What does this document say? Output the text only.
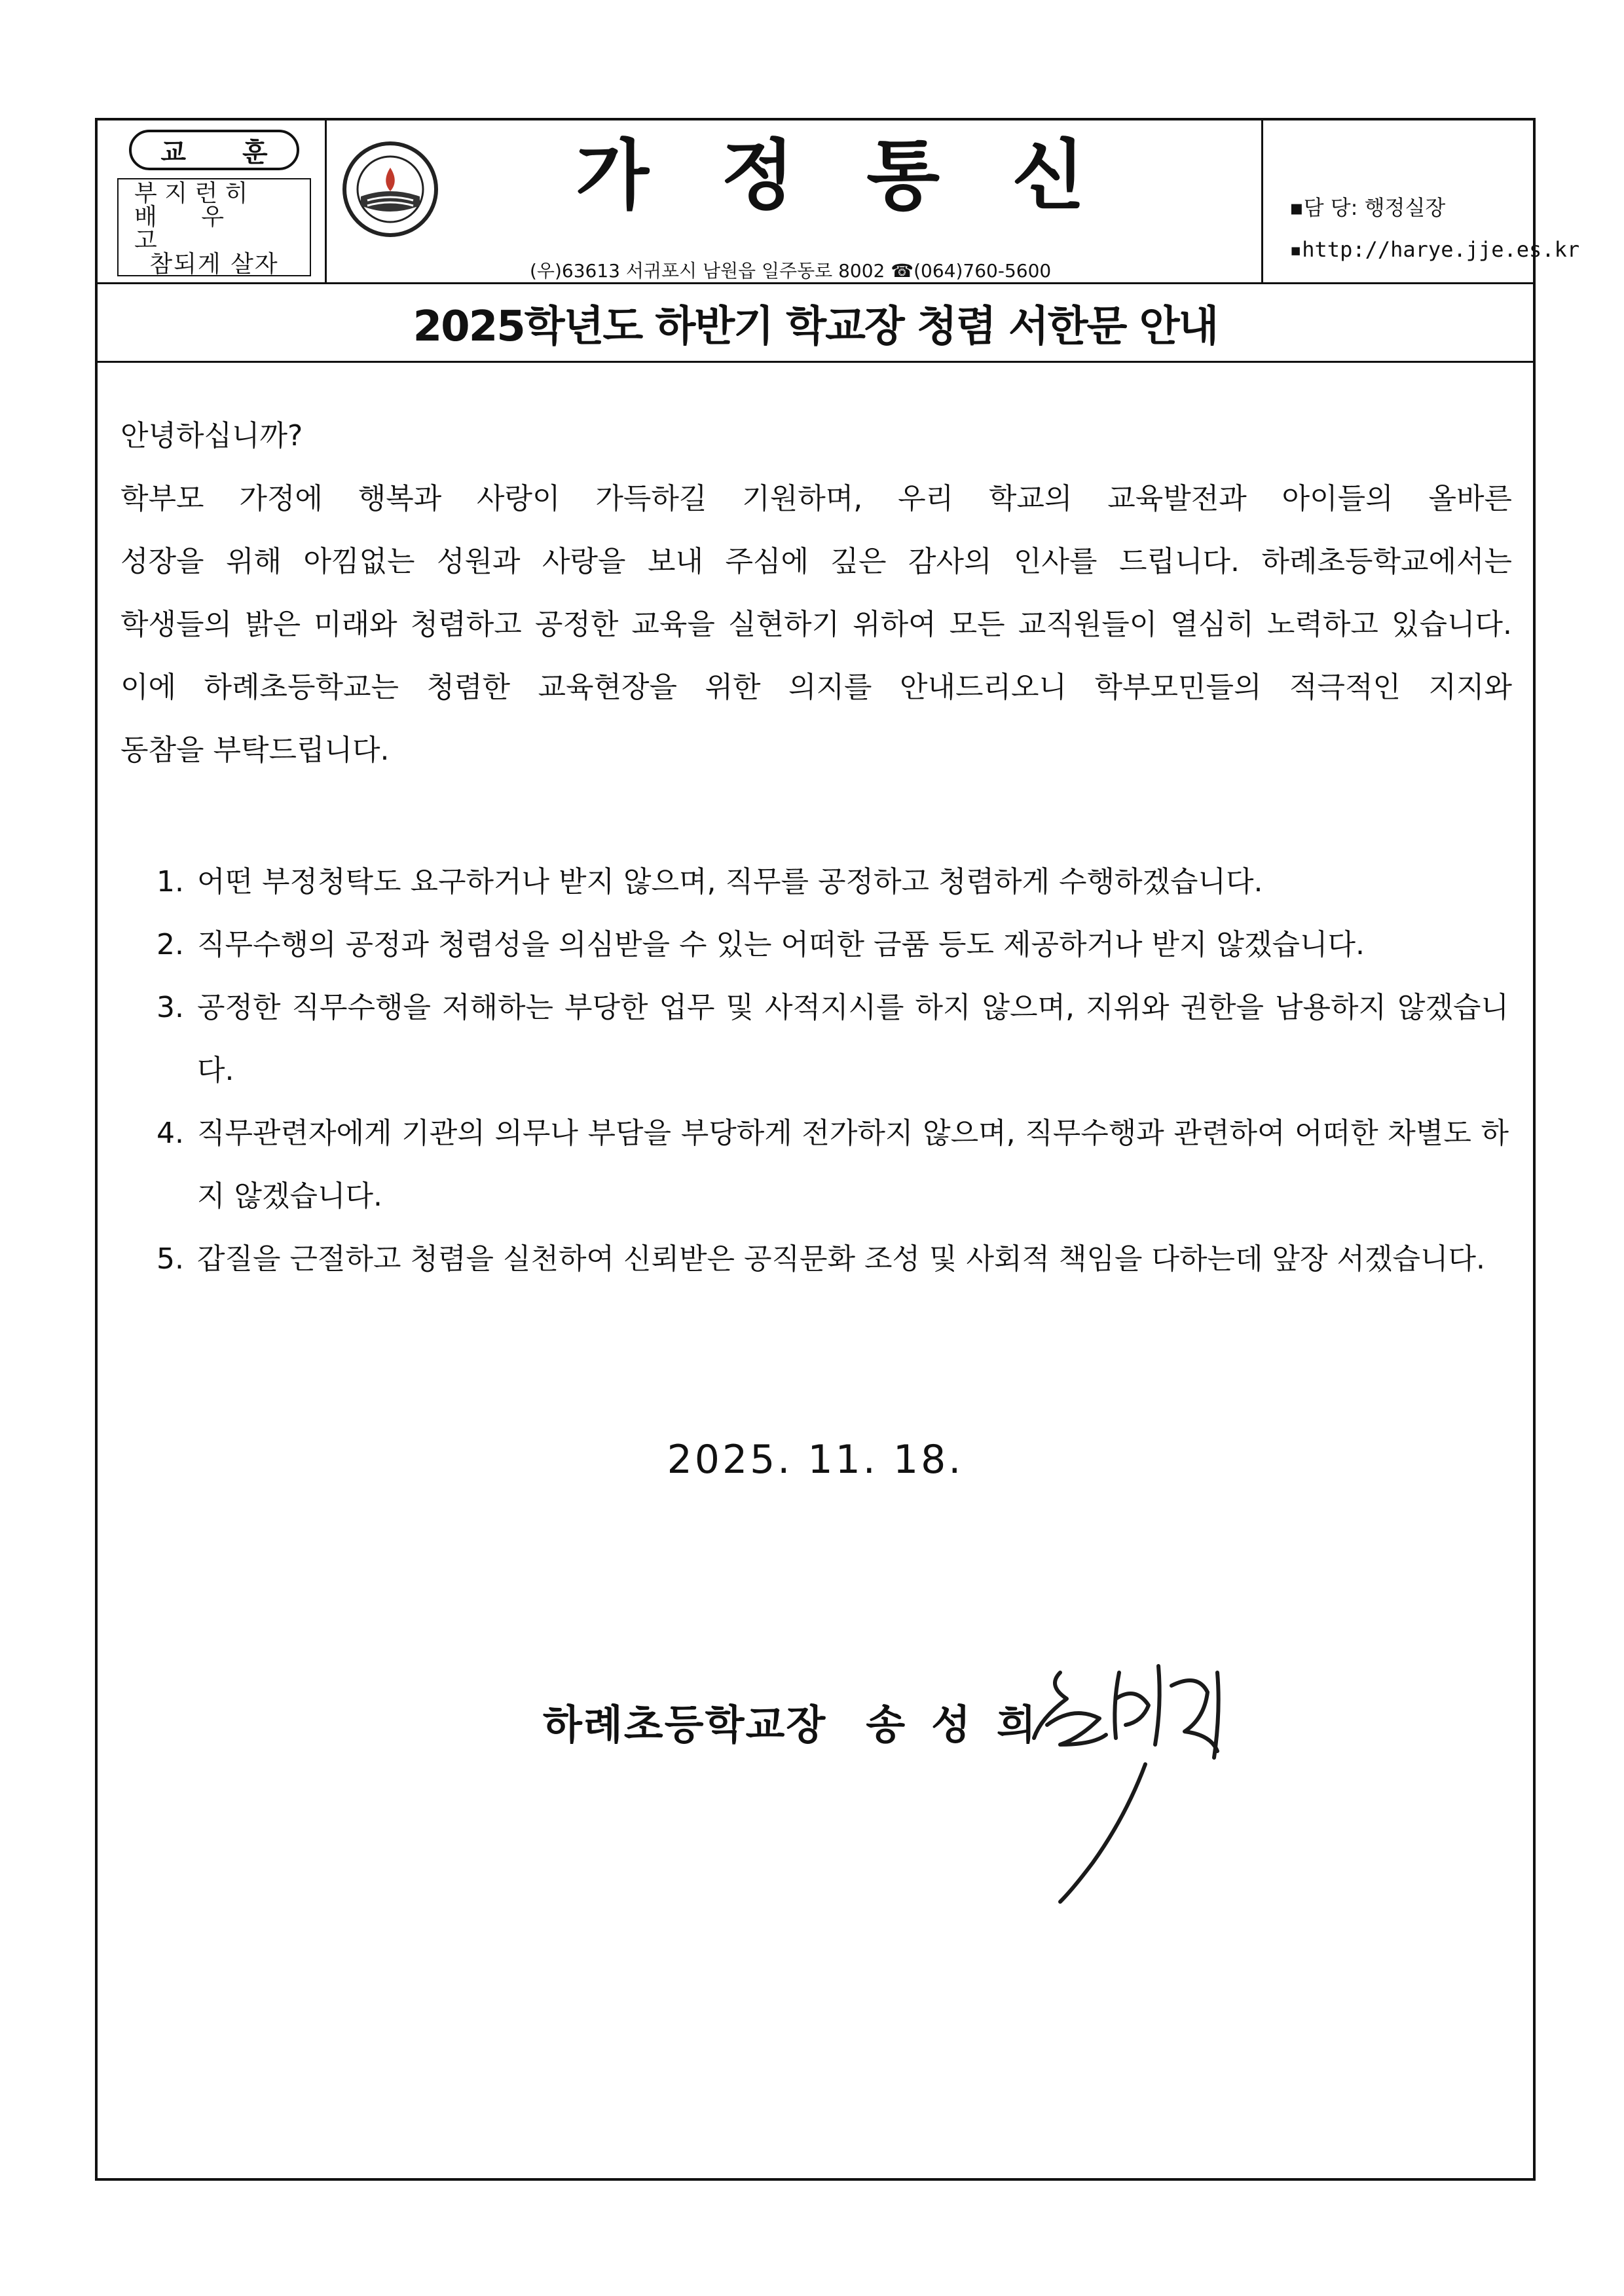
교 훈
부 지 런 히
배 우 고
참되게 살자
가정통신
(우)63613 서귀포시 남원읍 일주동로 8002 ☎(064)760-5600
▪담 당: 행정실장
▪http://harye.jje.es.kr
2025학년도 하반기 학교장 청렴 서한문 안내
안녕하십니까?
학부모 가정에 행복과 사랑이 가득하길 기원하며, 우리 학교의 교육발전과 아이들의 올바른
성장을 위해 아낌없는 성원과 사랑을 보내 주심에 깊은 감사의 인사를 드립니다. 하례초등학교에서는
학생들의 밝은 미래와 청렴하고 공정한 교육을 실현하기 위하여 모든 교직원들이 열심히 노력하고 있습니다.
이에 하례초등학교는 청렴한 교육현장을 위한 의지를 안내드리오니 학부모민들의 적극적인 지지와
동참을 부탁드립니다.
1. 어떤 부정청탁도 요구하거나 받지 않으며, 직무를 공정하고 청렴하게 수행하겠습니다.
2. 직무수행의 공정과 청렴성을 의심받을 수 있는 어떠한 금품 등도 제공하거나 받지 않겠습니다.
3. 공정한 직무수행을 저해하는 부당한 업무 및 사적지시를 하지 않으며, 지위와 권한을 남용하지 않겠습니다.
4. 직무관련자에게 기관의 의무나 부담을 부당하게 전가하지 않으며, 직무수행과 관련하여 어떠한 차별도 하지 않겠습니다.
5. 갑질을 근절하고 청렴을 실천하여 신뢰받은 공직문화 조성 및 사회적 책임을 다하는데 앞장 서겠습니다.
2025. 11. 18.
하례초등학교장 송성희
